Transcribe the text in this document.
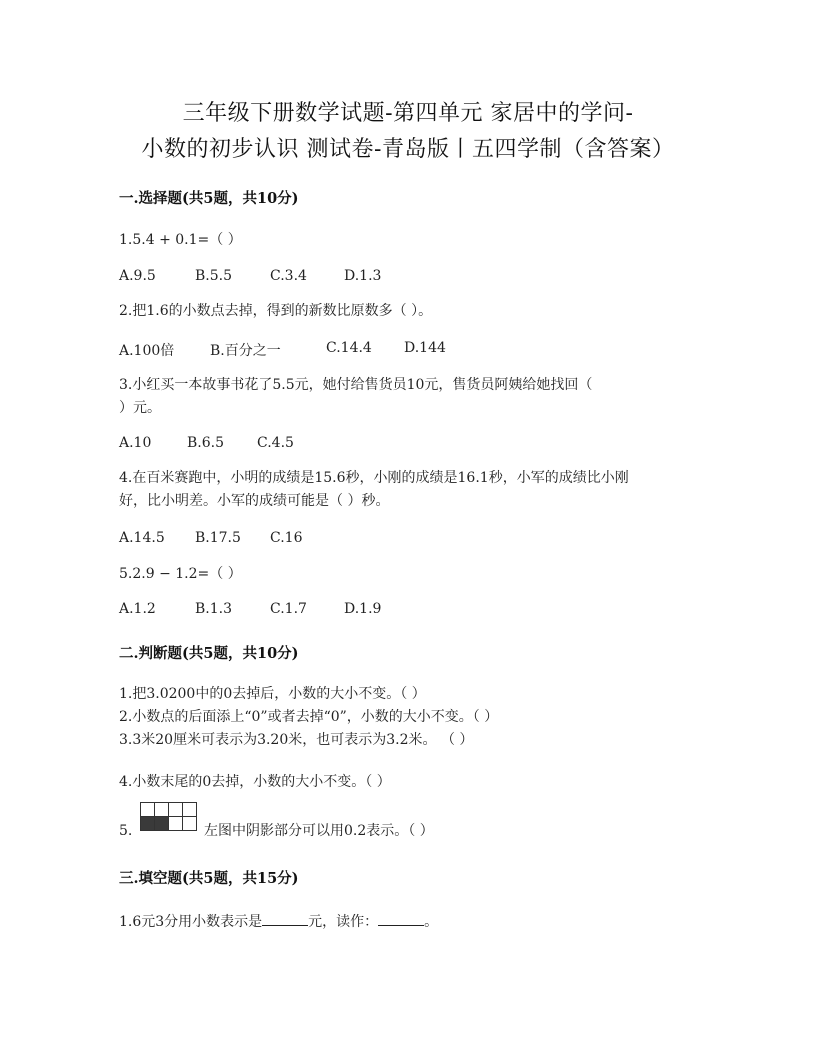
三年级下册数学试题-第四单元 家居中的学问-
小数的初步认识 测试卷-青岛版丨五四学制（含答案）
一.选择题(共5题，共10分)
1.5.4 + 0.1=（ ）
A.9.5	B.5.5	C.3.4	D.1.3
2.把1.6的小数点去掉，得到的新数比原数多（ ）。
A.100倍	B.百分之一	C.14.4 D.144
3.小红买一本故事书花了5.5元，她付给售货员10元，售货员阿姨给她找回（
）元。
A.10	B.6.5 C.4.5
4.在百米赛跑中，小明的成绩是15.6秒，小刚的成绩是16.1秒，小军的成绩比小刚
好，比小明差。小军的成绩可能是（ ）秒。
A.14.5 B.17.5 C.16
5.2.9 − 1.2=（ ）
A.1.2	B.1.3	C.1.7	D.1.9
二.判断题(共5题，共10分)
1.把3.0200中的0去掉后，小数的大小不变。（ ）
2.小数点的后面添上“0”或者去掉“0”，小数的大小不变。（ ）
3.3米20厘米可表示为3.20米，也可表示为3.2米。 （ ）
4.小数末尾的0去掉，小数的大小不变。（ ）
5.	左图中阴影部分可以用0.2表示。（ ）
三.填空题(共5题，共15分)
1.6元3分用小数表示是	元，读作：	。
